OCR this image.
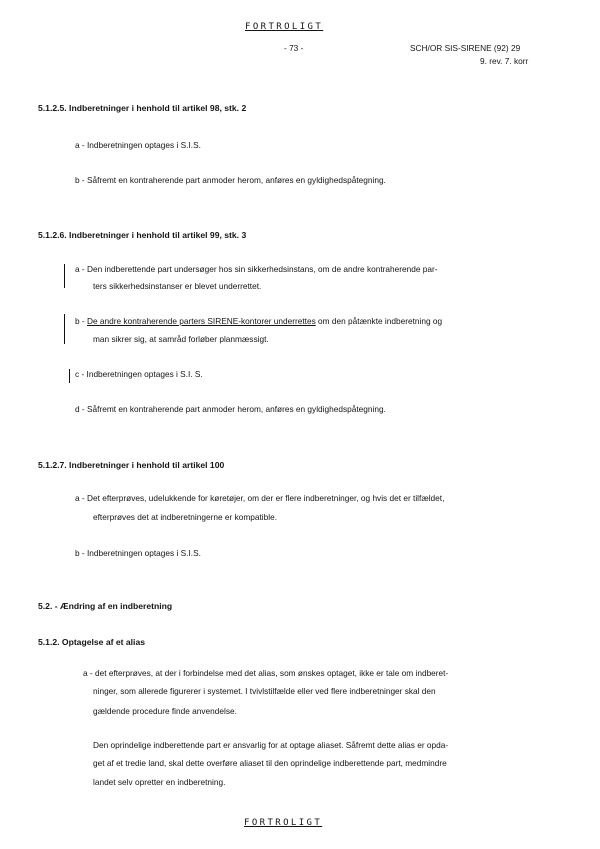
FORTROLIGT
- 73 -	SCH/OR SIS-SIRENE (92) 29
9. rev. 7. korr
5.1.2.5. Indberetninger i henhold til artikel 98, stk. 2
a - Indberetningen optages i S.I.S.
b - Såfremt en kontraherende part anmoder herom, anføres en gyldighedspåtegning.
5.1.2.6. Indberetninger i henhold til artikel 99, stk. 3
a - Den indberettende part undersøger hos sin sikkerhedsinstans, om de andre kontraherende par-
ters sikkerhedsinstanser er blevet underrettet.
b - De andre kontraherende parters SIRENE-kontorer underrettes om den påtænkte indberetning og
man sikrer sig, at samråd forløber planmæssigt.
c - Indberetningen optages i S.I. S.
d - Såfremt en kontraherende part anmoder herom, anføres en gyldighedspåtegning.
5.1.2.7. Indberetninger i henhold til artikel 100
a - Det efterprøves, udelukkende for køretøjer, om der er flere indberetninger, og hvis det er tilfældet,
efterprøves det at indberetningerne er kompatible.
b - Indberetningen optages i S.I.S.
5.2. - Ændring af en indberetning
5.1.2. Optagelse af et alias
a - det efterprøves, at der i forbindelse med det alias, som ønskes optaget, ikke er tale om indberet-
ninger, som allerede figurerer i systemet. I tvivlstilfælde eller ved flere indberetninger skal den
gældende procedure finde anvendelse.
Den oprindelige indberettende part er ansvarlig for at optage aliaset. Såfremt dette alias er opda-
get af et tredie land, skal dette overføre aliaset til den oprindelige indberettende part, medmindre
landet selv opretter en indberetning.
FORTROLIGT
